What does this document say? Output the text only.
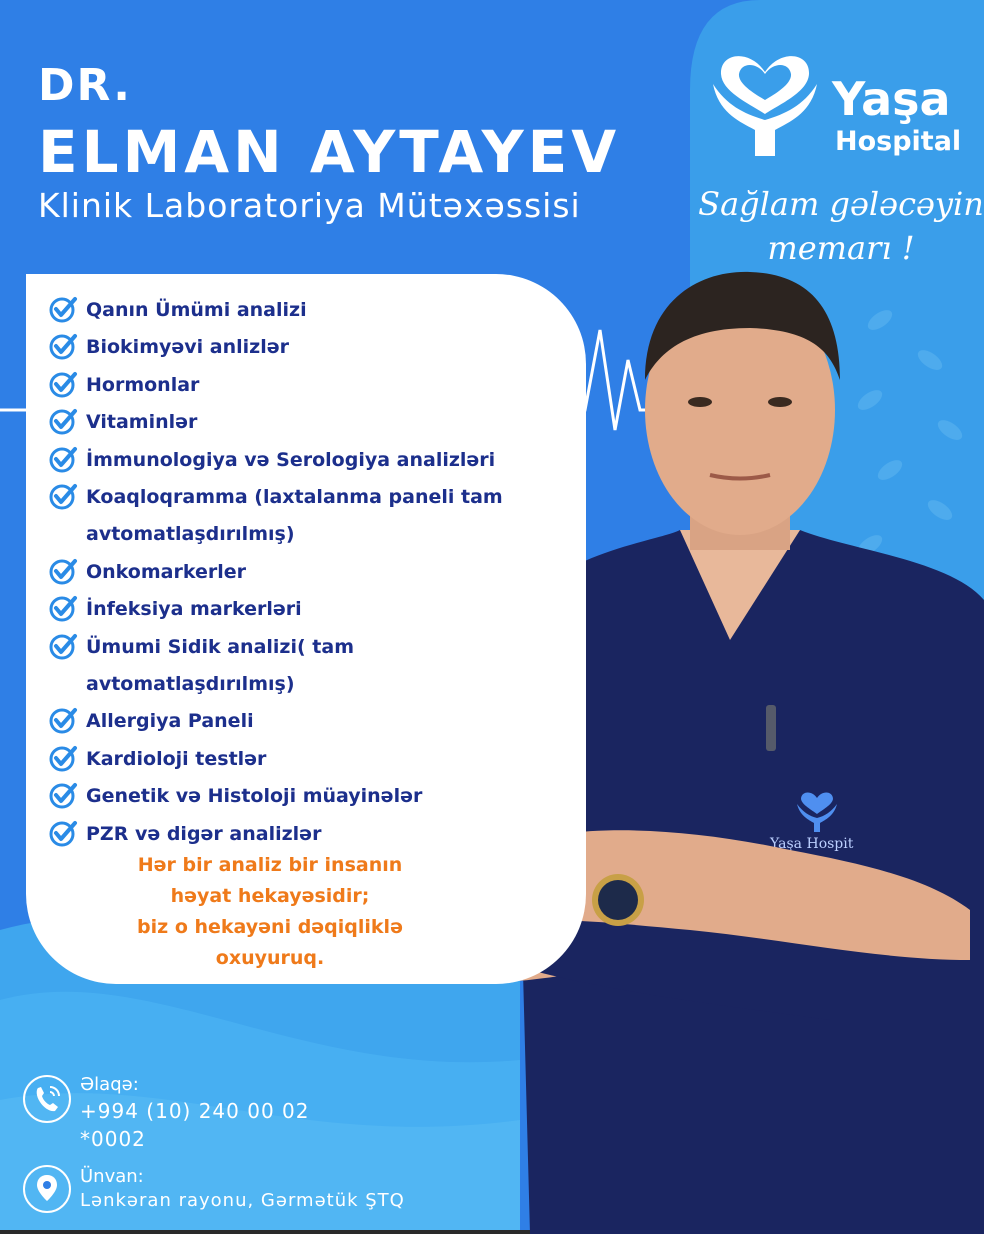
DR.
ELMAN AYTAYEV
Klinik Laboratoriya Mütəxəssisi
Yaşa
Hospital
Sağlam gələcəyin
memarı !
Yaşa Hospit
Qanın Ümümi analizi
Biokimyəvi anlizlər
Hormonlar
Vitaminlər
İmmunologiya və Serologiya analizləri
Koaqloqramma (laxtalanma paneli tam avtomatlaşdırılmış)
Onkomarkerler
İnfeksiya markerləri
Ümumi Sidik analizi( tam avtomatlaşdırılmış)
Allergiya Paneli
Kardioloji testlər
Genetik və Histoloji müayinələr
PZR və digər analizlər
Hər bir analiz bir insanın
həyat hekayəsidir;
biz o hekayəni dəqiqliklə
oxuyuruq.
Əlaqə:
+994 (10) 240 00 02
*0002
Ünvan:
Lənkəran rayonu, Gərmətük ŞTQ
